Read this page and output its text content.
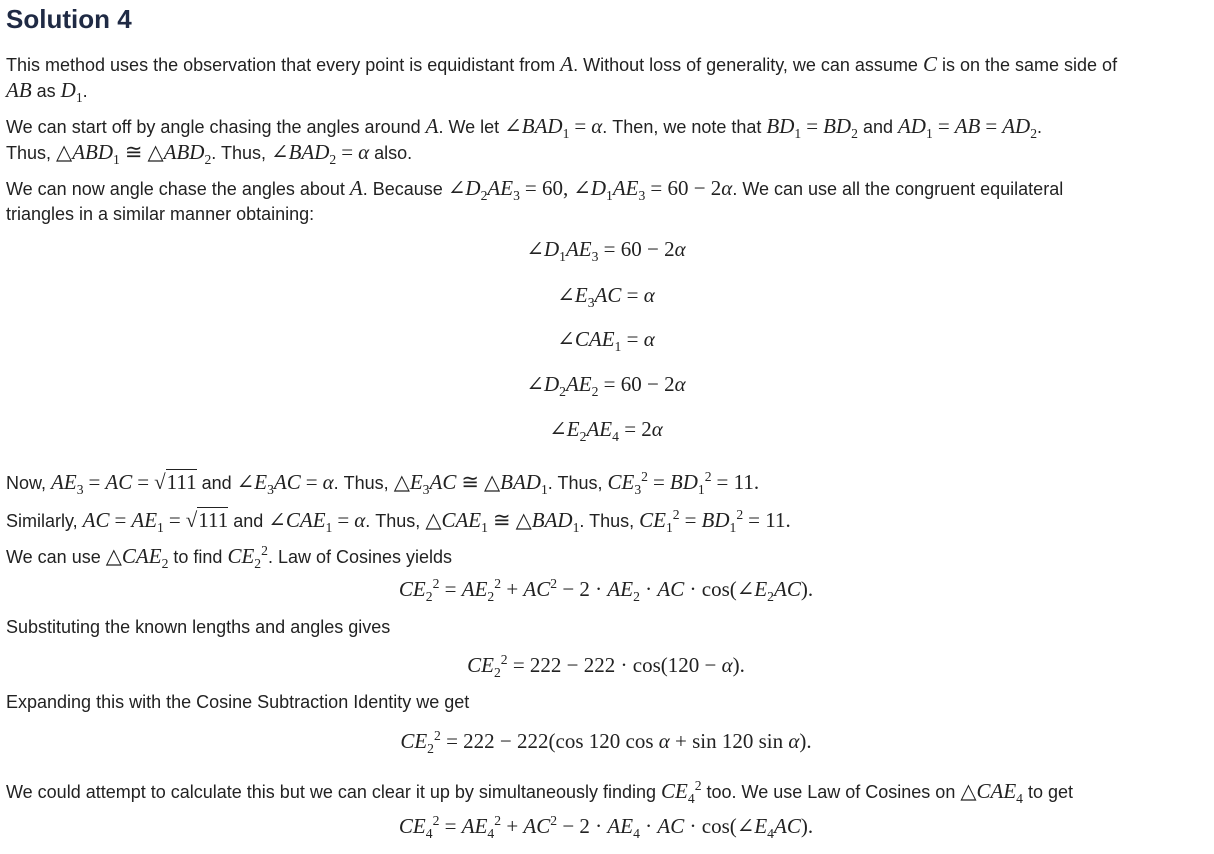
Solution 4
This method uses the observation that every point is equidistant from A. Without loss of generality, we can assume C is on the same side of
AB as $D_1$.
We can start off by angle chasing the angles around A. We let $\angle BAD_1 = \alpha$. Then, we note that $BD_1 = BD_2$ and $AD_1$ = AB = $AD_2$.
Thus, $\triangle ABD_1$ ≅ $\triangle ABD_2$. Thus, $\angle BAD_2 = \alpha$ also.
We can now angle chase the angles about A. Because $\angle D_2AE_3 = 60$, $\angle D_1AE_3 = 60 - 2\alpha$. We can use all the congruent equilateral
triangles in a similar manner obtaining:
$\angle D_1AE_3 = 60 - 2\alpha$
$\angle E_3AC = \alpha$
$\angle CAE_1 = \alpha$
$\angle D_2AE_2 = 60 - 2\alpha$
$\angle E_2AE_4 = 2\alpha$
Now, $AE_3$ = AC = √111 and $\angle E_3AC = \alpha$. Thus, $\triangle E_3AC$ ≅ $\triangle BAD_1$. Thus, $CE_3^2 = BD_1^2 = 11$.
Similarly, AC = $AE_1 = √111$ and $\angle CAE_1 = \alpha$. Thus, $\triangle CAE_1$ ≅ $\triangle BAD_1$. Thus, $CE_1^2 = BD_1^2 = 11$.
We can use $\triangle CAE_2$ to find $CE_2^2$. Law of Cosines yields
$CE_2^2 = AE_2^2 + AC^2 - 2 \cdot AE_2$ · AC · $\cos(\angle E_2AC)$.
Substituting the known lengths and angles gives
$CE_2^2 = 222 - 222 \cdot \cos(120 - \alpha)$.
Expanding this with the Cosine Subtraction Identity we get
$CE_2^2 = 222 - 222(\cos$ 120 cos α + sin 120 sin α).
We could attempt to calculate this but we can clear it up by simultaneously finding $CE_4^2$ too. We use Law of Cosines on $\triangle CAE_4$ to get
$CE_4^2 = AE_4^2 + AC^2 - 2 \cdot AE_4$ · AC · $\cos(\angle E_4AC)$.
